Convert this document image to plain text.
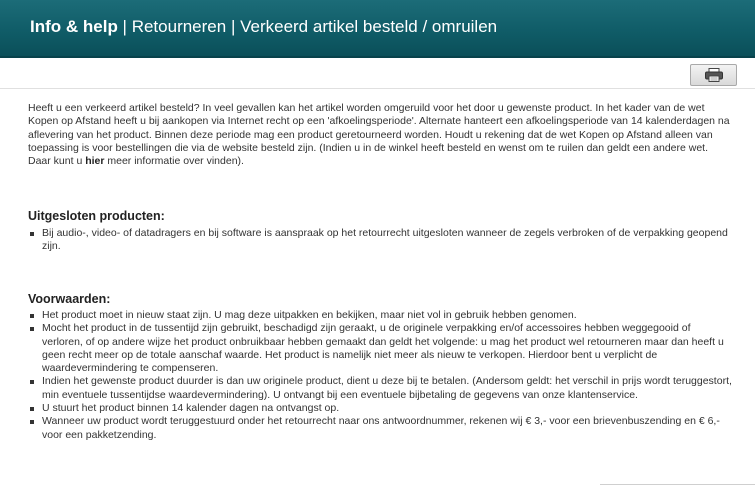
Info & help | Retourneren | Verkeerd artikel besteld / omruilen

Heeft u een verkeerd artikel besteld? In veel gevallen kan het artikel worden omgeruild voor het door u gewenste product. In het kader van de wet Kopen op Afstand heeft u bij aankopen via Internet recht op een 'afkoelingsperiode'. Alternate hanteert een afkoelingsperiode van 14 kalenderdagen na aflevering van het product. Binnen deze periode mag een product geretourneerd worden. Houdt u rekening dat de wet Kopen op Afstand alleen van toepassing is voor bestellingen die via de website besteld zijn. (Indien u in de winkel heeft besteld en wenst om te ruilen dan geldt een andere wet. Daar kunt u hier meer informatie over vinden).

Uitgesloten producten:
Bij audio-, video- of datadragers en bij software is aanspraak op het retourrecht uitgesloten wanneer de zegels verbroken of de verpakking geopend zijn.
Voorwaarden:
Het product moet in nieuw staat zijn. U mag deze uitpakken en bekijken, maar niet vol in gebruik hebben genomen.
Mocht het product in de tussentijd zijn gebruikt, beschadigd zijn geraakt, u de originele verpakking en/of accessoires hebben weggegooid of verloren, of op andere wijze het product onbruikbaar hebben gemaakt dan geldt het volgende: u mag het product wel retourneren maar dan heeft u geen recht meer op de totale aanschaf waarde. Het product is namelijk niet meer als nieuw te verkopen. Hierdoor bent u verplicht de waardevermindering te compenseren.
Indien het gewenste product duurder is dan uw originele product, dient u deze bij te betalen. (Andersom geldt: het verschil in prijs wordt teruggestort, min eventuele tussentijdse waardevermindering). U ontvangt bij een eventuele bijbetaling de gegevens van onze klantenservice.
U stuurt het product binnen 14 kalender dagen na ontvangst op.
Wanneer uw product wordt teruggestuurd onder het retourrecht naar ons antwoordnummer, rekenen wij € 3,- voor een brievenbuszending en € 6,- voor een pakketzending.
